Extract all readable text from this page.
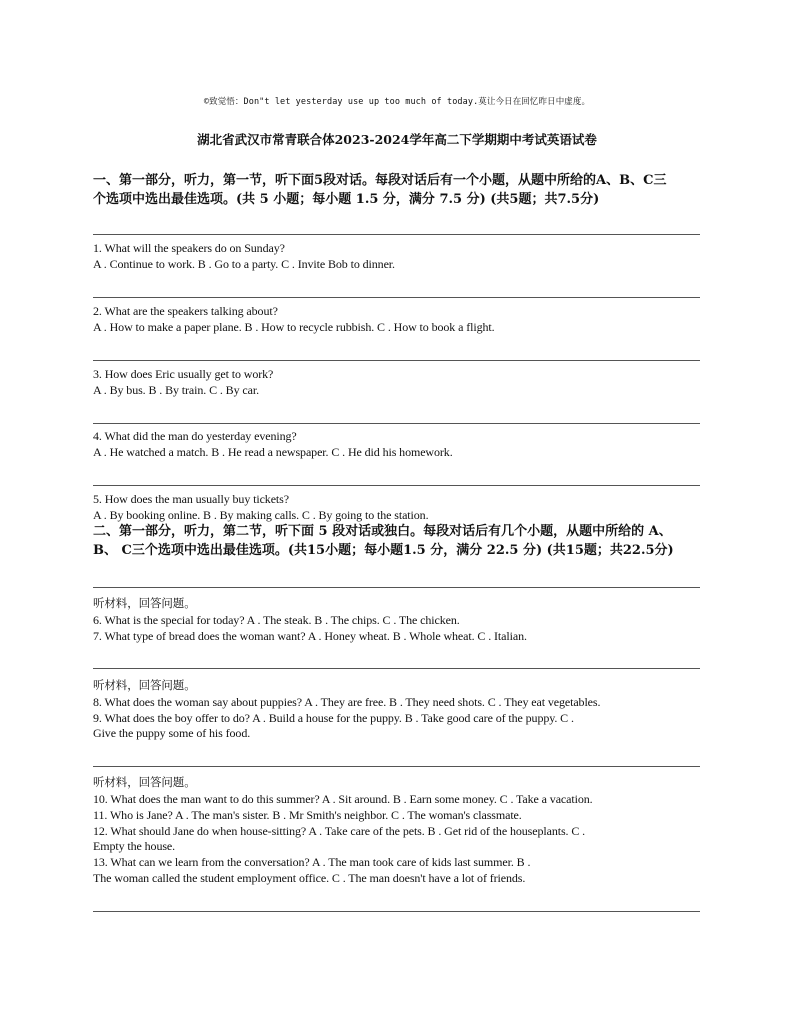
©致觉悟：Don"t let yesterday use up too much of today.莫让今日在回忆昨日中虚度。
湖北省武汉市常青联合体2023-2024学年高二下学期期中考试英语试卷
一、第一部分，听力，第一节，听下面5段对话。每段对话后有一个小题，从题中所给的A、B、C三
个选项中选出最佳选项。(共 5 小题；每小题 1.5 分，满分 7.5 分) (共5题；共7.5分)
1. What will the speakers do on Sunday?
A . Continue to work. B . Go to a party. C . Invite Bob to dinner.
2. What are the speakers talking about?
A . How to make a paper plane. B . How to recycle rubbish. C . How to book a flight.
3. How does Eric usually get to work?
A . By bus. B . By train. C . By car.
4. What did the man do yesterday evening?
A . He watched a match. B . He read a newspaper. C . He did his homework.
5. How does the man usually buy tickets?
A . By booking online. B . By making calls. C . By going to the station.
二、第一部分，听力，第二节，听下面 5 段对话或独白。每段对话后有几个小题，从题中所给的 A、
B、 C三个选项中选出最佳选项。(共15小题；每小题1.5 分，满分 22.5 分) (共15题；共22.5分)
听材料，回答问题。
6. What is the special for today? A . The steak. B . The chips. C . The chicken.
7. What type of bread does the woman want? A . Honey wheat. B . Whole wheat. C . Italian.
听材料，回答问题。
8. What does the woman say about puppies? A . They are free. B . They need shots. C . They eat vegetables.
9. What does the boy offer to do? A . Build a house for the puppy. B . Take good care of the puppy. C .
Give the puppy some of his food.
听材料，回答问题。
10. What does the man want to do this summer? A . Sit around. B . Earn some money. C . Take a vacation.
11. Who is Jane? A . The man's sister. B . Mr Smith's neighbor. C . The woman's classmate.
12. What should Jane do when house-sitting? A . Take care of the pets. B . Get rid of the houseplants. C .
Empty the house.
13. What can we learn from the conversation? A . The man took care of kids last summer. B .
The woman called the student employment office. C . The man doesn't have a lot of friends.
